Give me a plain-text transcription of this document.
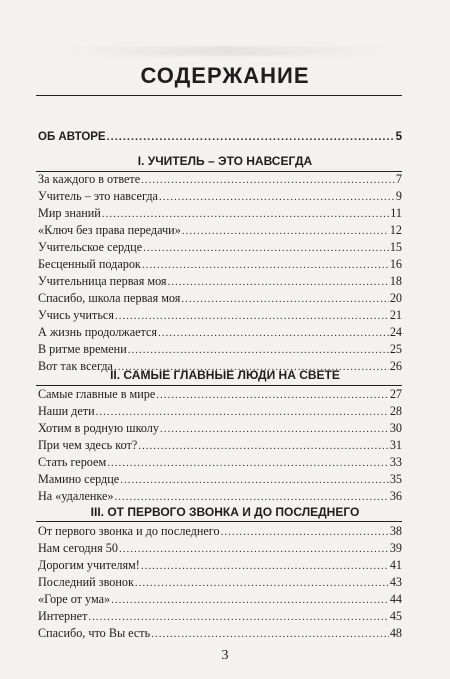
СОДЕРЖАНИЕ
ОБ АВТОРЕ .....	5
I. УЧИТЕЛЬ – ЭТО НАВСЕГДА
За каждого в ответе .....	7
Учитель – это навсегда .....	9
Мир знаний .....	11
«Ключ без права передачи» .....	12
Учительское сердце .....	15
Бесценный подарок .....	16
Учительница первая моя .....	18
Спасибо, школа первая моя .....	20
Учись учиться .....	21
А жизнь продолжается .....	24
В ритме времени .....	25
Вот так всегда .....	26
II. САМЫЕ ГЛАВНЫЕ ЛЮДИ НА СВЕТЕ
Самые главные в мире .....	27
Наши дети .....	28
Хотим в родную школу .....	30
При чем здесь кот? .....	31
Стать героем .....	33
Мамино сердце .....	35
На «удаленке» .....	36
III. ОТ ПЕРВОГО ЗВОНКА И ДО ПОСЛЕДНЕГО
От первого звонка и до последнего .....	38
Нам сегодня 50 .....	39
Дорогим учителям! .....	41
Последний звонок .....	43
«Горе от ума» .....	44
Интернет .....	45
Спасибо, что Вы есть .....	48
3
